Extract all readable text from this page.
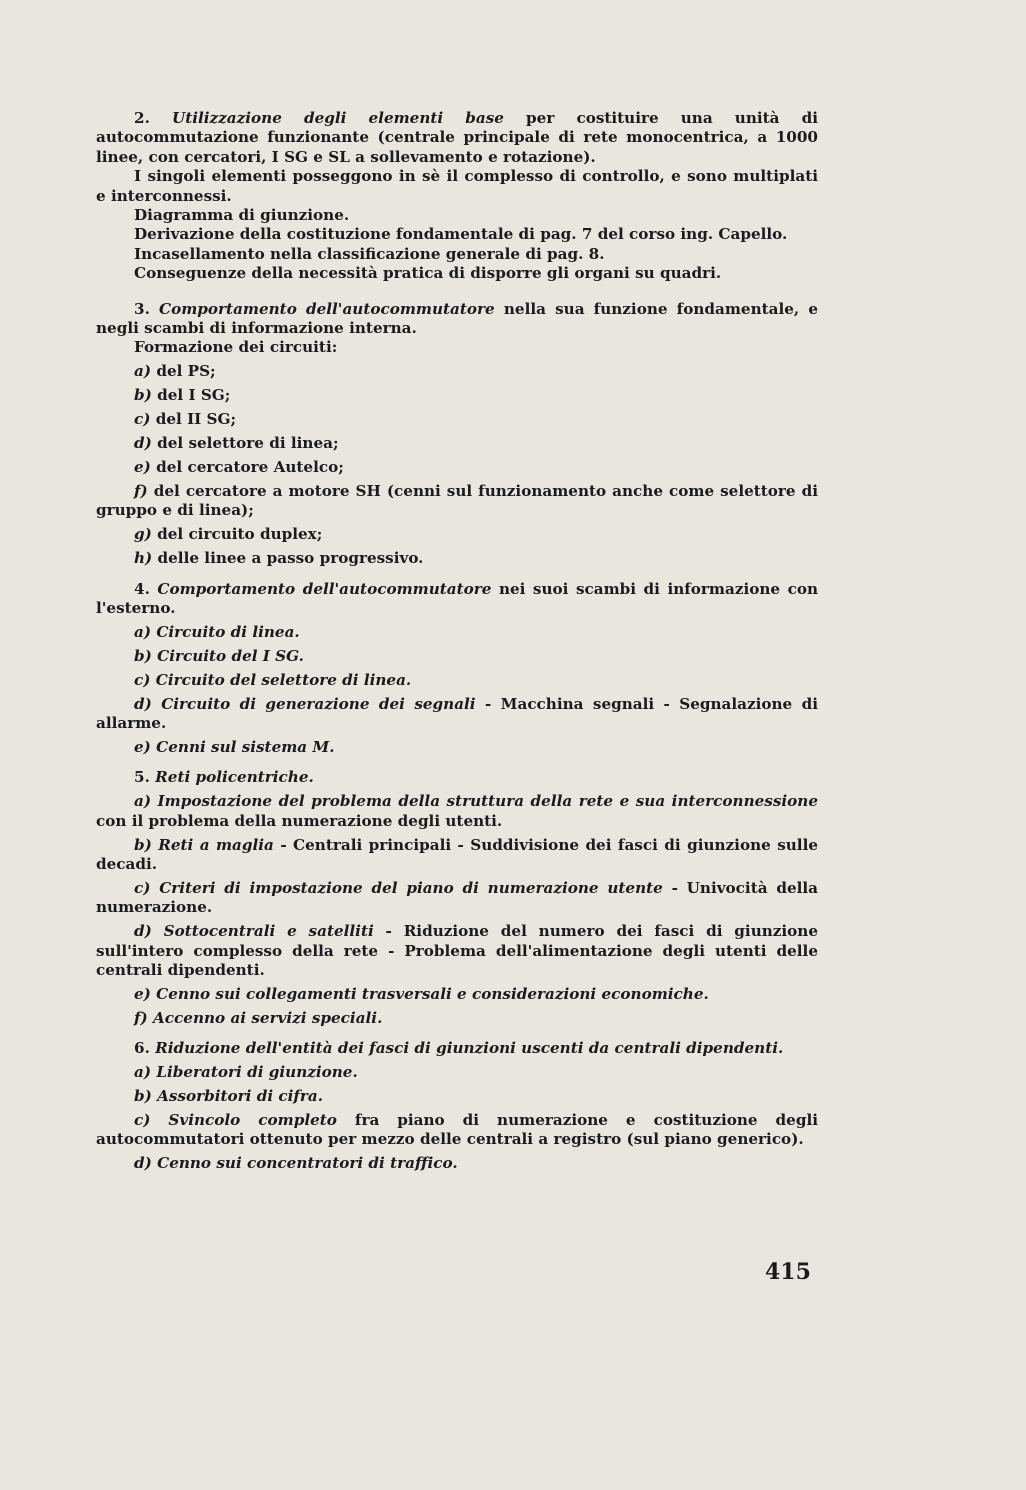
2. Utilizzazione degli elementi base per costituire una unità di autocommutazione funzionante (centrale principale di rete monocentrica, a 1000 linee, con cercatori, I SG e SL a sollevamento e rotazione).

I singoli elementi posseggono in sè il complesso di controllo, e sono multiplati e interconnessi.

Diagramma di giunzione.

Derivazione della costituzione fondamentale di pag. 7 del corso ing. Capello.

Incasellamento nella classificazione generale di pag. 8.

Conseguenze della necessità pratica di disporre gli organi su quadri.

3. Comportamento dell'autocommutatore nella sua funzione fondamentale, e negli scambi di informazione interna.

Formazione dei circuiti:

a) del PS;

b) del I SG;

c) del II SG;

d) del selettore di linea;

e) del cercatore Autelco;

f) del cercatore a motore SH (cenni sul funzionamento anche come selettore di gruppo e di linea);

g) del circuito duplex;

h) delle linee a passo progressivo.

4. Comportamento dell'autocommutatore nei suoi scambi di informazione con l'esterno.

a) Circuito di linea.

b) Circuito del I SG.

c) Circuito del selettore di linea.

d) Circuito di generazione dei segnali - Macchina segnali - Segnalazione di allarme.

e) Cenni sul sistema M.

5. Reti policentriche.

a) Impostazione del problema della struttura della rete e sua interconnessione con il problema della numerazione degli utenti.

b) Reti a maglia - Centrali principali - Suddivisione dei fasci di giunzione sulle decadi.

c) Criteri di impostazione del piano di numerazione utente - Univocità della numerazione.

d) Sottocentrali e satelliti - Riduzione del numero dei fasci di giunzione sull'intero complesso della rete - Problema dell'alimentazione degli utenti delle centrali dipendenti.

e) Cenno sui collegamenti trasversali e considerazioni economiche.

f) Accenno ai servizi speciali.

6. Riduzione dell'entità dei fasci di giunzioni uscenti da centrali dipendenti.

a) Liberatori di giunzione.

b) Assorbitori di cifra.

c) Svincolo completo fra piano di numerazione e costituzione degli autocommutatori ottenuto per mezzo delle centrali a registro (sul piano generico).

d) Cenno sui concentratori di traffico.

415
